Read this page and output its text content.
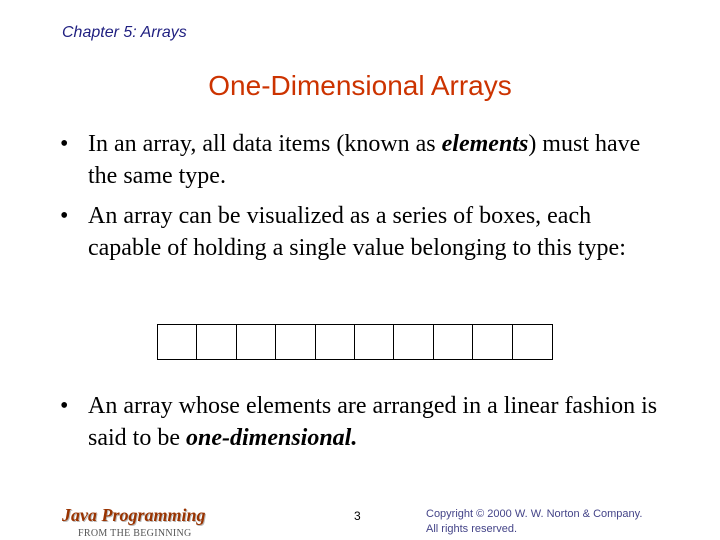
Chapter 5: Arrays
One-Dimensional Arrays
• In an array, all data items (known as elements) must have the same type.
• An array can be visualized as a series of boxes, each capable of holding a single value belonging to this type:
• An array whose elements are arranged in a linear fashion is said to be one-dimensional.
Java Programming
FROM THE BEGINNING
3	Copyright © 2000 W. W. Norton & Company.
All rights reserved.
